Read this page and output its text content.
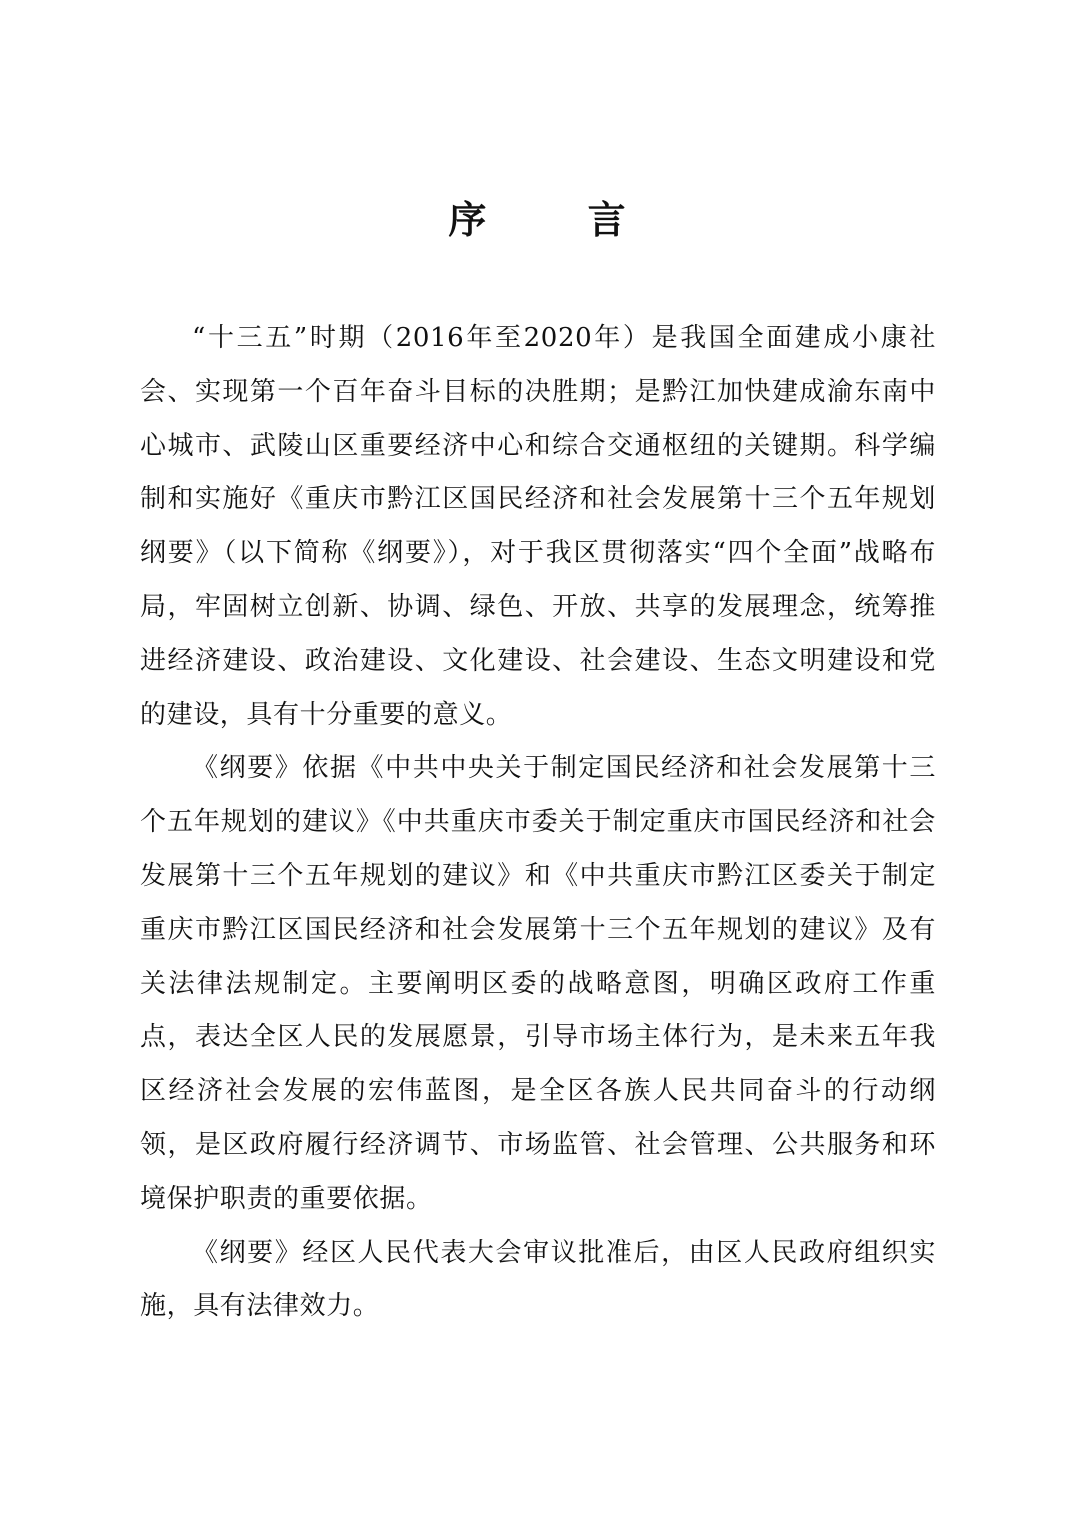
序 言

“十三五”时期（2016年至2020年）是我国全面建成小康社会、实现第一个百年奋斗目标的决胜期；是黔江加快建成渝东南中心城市、武陵山区重要经济中心和综合交通枢纽的关键期。科学编制和实施好《重庆市黔江区国民经济和社会发展第十三个五年规划纲要》（以下简称《纲要》），对于我区贯彻落实“四个全面”战略布局，牢固树立创新、协调、绿色、开放、共享的发展理念，统筹推进经济建设、政治建设、文化建设、社会建设、生态文明建设和党的建设，具有十分重要的意义。

《纲要》依据《中共中央关于制定国民经济和社会发展第十三个五年规划的建议》《中共重庆市委关于制定重庆市国民经济和社会发展第十三个五年规划的建议》和《中共重庆市黔江区委关于制定重庆市黔江区国民经济和社会发展第十三个五年规划的建议》及有关法律法规制定。主要阐明区委的战略意图，明确区政府工作重点，表达全区人民的发展愿景，引导市场主体行为，是未来五年我区经济社会发展的宏伟蓝图，是全区各族人民共同奋斗的行动纲领，是区政府履行经济调节、市场监管、社会管理、公共服务和环境保护职责的重要依据。

《纲要》经区人民代表大会审议批准后，由区人民政府组织实施，具有法律效力。
